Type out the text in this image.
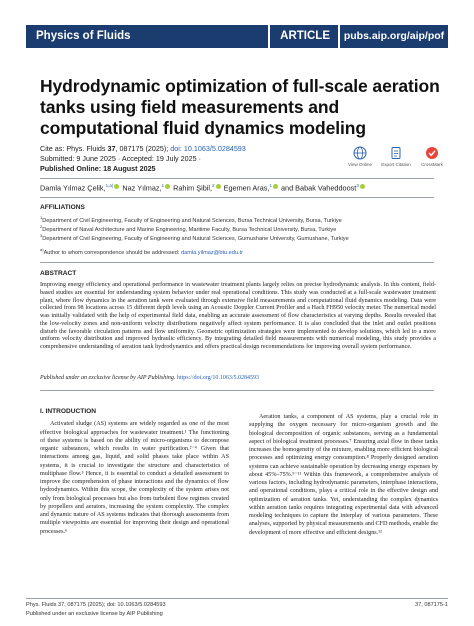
Physics of Fluids	ARTICLE	pubs.aip.org/aip/pof
Hydrodynamic optimization of full-scale aeration tanks using field measurements and computational fluid dynamics modeling
Cite as: Phys. Fluids 37, 087175 (2025); doi: 10.1063/5.0284593
Submitted: 9 June 2025 · Accepted: 19 July 2025 ·
Published Online: 18 August 2025	View Online	Export Citation	CrossMark
Damla Yılmaz Çelik,$^{1,a)}$ Naz Yılmaz,$^1$ Rahim Şibil,$^2$ Egemen Aras,$^1$ and Babak Vaheddoost$^3$
AFFILIATIONS
$^1$Department of Civil Engineering, Faculty of Engineering and Natural Sciences, Bursa Technical University, Bursa, Turkiye
$^2$Department of Naval Architecture and Marine Engineering, Maritime Faculty, Bursa Technical University, Bursa, Turkiye
$^3$Department of Civil Engineering, Faculty of Engineering and Natural Sciences, Gumushane University, Gumushane, Turkiye
$^{a)}$Author to whom correspondence should be addressed: damla.yilmaz@btu.edu.tr
ABSTRACT

Improving energy efficiency and operational performance in wastewater treatment plants largely relies on precise hydrodynamic analysis. In this content, field-based studies are essential for understanding system behavior under real operational conditions. This study was conducted at a full-scale wastewater treatment plant, where flow dynamics in the aeration tank were evaluated through extensive field measurements and computational fluid dynamics modeling. Data were collected from 98 locations across 15 different depth levels using an Acoustic Doppler Current Profiler and a Hach FH950 velocity meter. The numerical model was initially validated with the help of experimental field data, enabling an accurate assessment of flow characteristics at varying depths. Results revealed that the low-velocity zones and non-uniform velocity distributions negatively affect system performance. It is also concluded that the inlet and outlet positions disturb the favorable circulation patterns and flow uniformity. Geometric optimization strategies were implemented to develop solutions, which led to a more uniform velocity distribution and improved hydraulic efficiency. By integrating detailed field measurements with numerical modeling, this study provides a comprehensive understanding of aeration tank hydrodynamics and offers practical design recommendations for improving overall system performance.

Published under an exclusive license by AIP Publishing. https://doi.org/10.1063/5.0284593
I. INTRODUCTION

Activated sludge (AS) systems are widely regarded as one of the most effective biological approaches for wastewater treatment.¹ The functioning of these systems is based on the ability of micro-organisms to decompose organic substances, which results in water purification.²⁻⁴ Given that interactions among gas, liquid, and solid phases take place within AS systems, it is crucial to investigate the structure and characteristics of multiphase flow.⁵ Hence, it is essential to conduct a detailed assessment to improve the comprehension of phase interactions and the dynamics of flow hydrodynamics. Within this scope, the complexity of the system arises not only from biological processes but also from turbulent flow regimes created by propellers and aerators, increasing the system complexity. The complex and dynamic nature of AS systems indicates that thorough assessments from multiple viewpoints are essential for improving their design and operational processes.⁶

Aeration tanks, a component of AS systems, play a crucial role in supplying the oxygen necessary for micro-organism growth and the biological decomposition of organic substances, serving as a fundamental aspect of biological treatment processes.⁷ Ensuring axial flow in these tanks increases the homogeneity of the mixture, enabling more efficient biological processes and optimizing energy consumption.⁸ Properly designed aeration systems can achieve sustainable operation by decreasing energy expenses by about 45%–75%.⁹⁻¹¹ Within this framework, a comprehensive analysis of various factors, including hydrodynamic parameters, interphase interactions, and operational conditions, plays a critical role in the effective design and optimization of aeration tanks. Yet, understanding the complex dynamics within aeration tanks requires integrating experimental data with advanced modeling techniques to capture the interplay of various parameters. These analyses, supported by physical measurements and CFD methods, enable the development of more effective and efficient designs.¹²

Phys. Fluids 37, 087175 (2025); doi: 10.1063/5.0284593
Published under an exclusive license by AIP Publishing
37, 087175-1
